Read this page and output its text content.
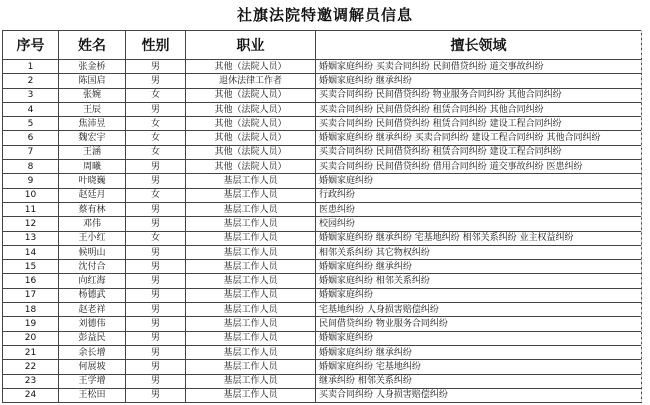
社旗法院特邀调解员信息
序号	姓名	性别	职业	擅长领域
1	张金桥	男	其他（法院人员）	婚姻家庭纠纷 买卖合同纠纷 民间借贷纠纷 道交事故纠纷
2	陈国启	男	退休法律工作者	婚姻家庭纠纷 继承纠纷
3	张婉	女	其他（法院人员）	买卖合同纠纷 民间借贷纠纷 物业服务合同纠纷 其他合同纠纷
4	王辰	男	其他（法院人员）	买卖合同纠纷 民间借贷纠纷 租赁合同纠纷 其他合同纠纷
5	焦沛昱	女	其他（法院人员）	买卖合同纠纷 民间借贷纠纷 租赁合同纠纷 建设工程合同纠纷
6	魏宏宇	女	其他（法院人员）	婚姻家庭纠纷 继承纠纷 买卖合同纠纷 建设工程合同纠纷 其他合同纠纷
7	王涵	女	其他（法院人员）	买卖合同纠纷 民间借贷纠纷 租赁合同纠纷 建设工程合同纠纷
8	周曦	男	其他（法院人员）	买卖合同纠纷 民间借贷纠纷 借用合同纠纷 道交事故纠纷 医患纠纷
9	叶晓巍	男	基层工作人员	婚姻家庭纠纷
10	赵廷月	女	基层工作人员	行政纠纷
11	蔡有林	男	基层工作人员	医患纠纷
12	邓伟	男	基层工作人员	校园纠纷
13	王小红	女	基层工作人员	婚姻家庭纠纷 继承纠纷 宅基地纠纷 相邻关系纠纷 业主权益纠纷
14	候明山	男	基层工作人员	相邻关系纠纷 其它物权纠纷
15	沈付合	男	基层工作人员	婚姻家庭纠纷 继承纠纷
16	向红海	男	基层工作人员	婚姻家庭纠纷 相邻关系纠纷
17	杨德武	男	基层工作人员	婚姻家庭纠纷
18	赵老祥	男	基层工作人员	宅基地纠纷 人身损害赔偿纠纷
19	刘德伟	男	基层工作人员	民间借贷纠纷 物业服务合同纠纷
20	彭益民	男	基层工作人员	婚姻家庭纠纷
21	余长增	男	基层工作人员	婚姻家庭纠纷 继承纠纷
22	何展坡	男	基层工作人员	婚姻家庭纠纷 宅基地纠纷
23	王学增	男	基层工作人员	继承纠纷 相邻关系纠纷
24	王松田	男	基层工作人员	买卖合同纠纷 人身损害赔偿纠纷
